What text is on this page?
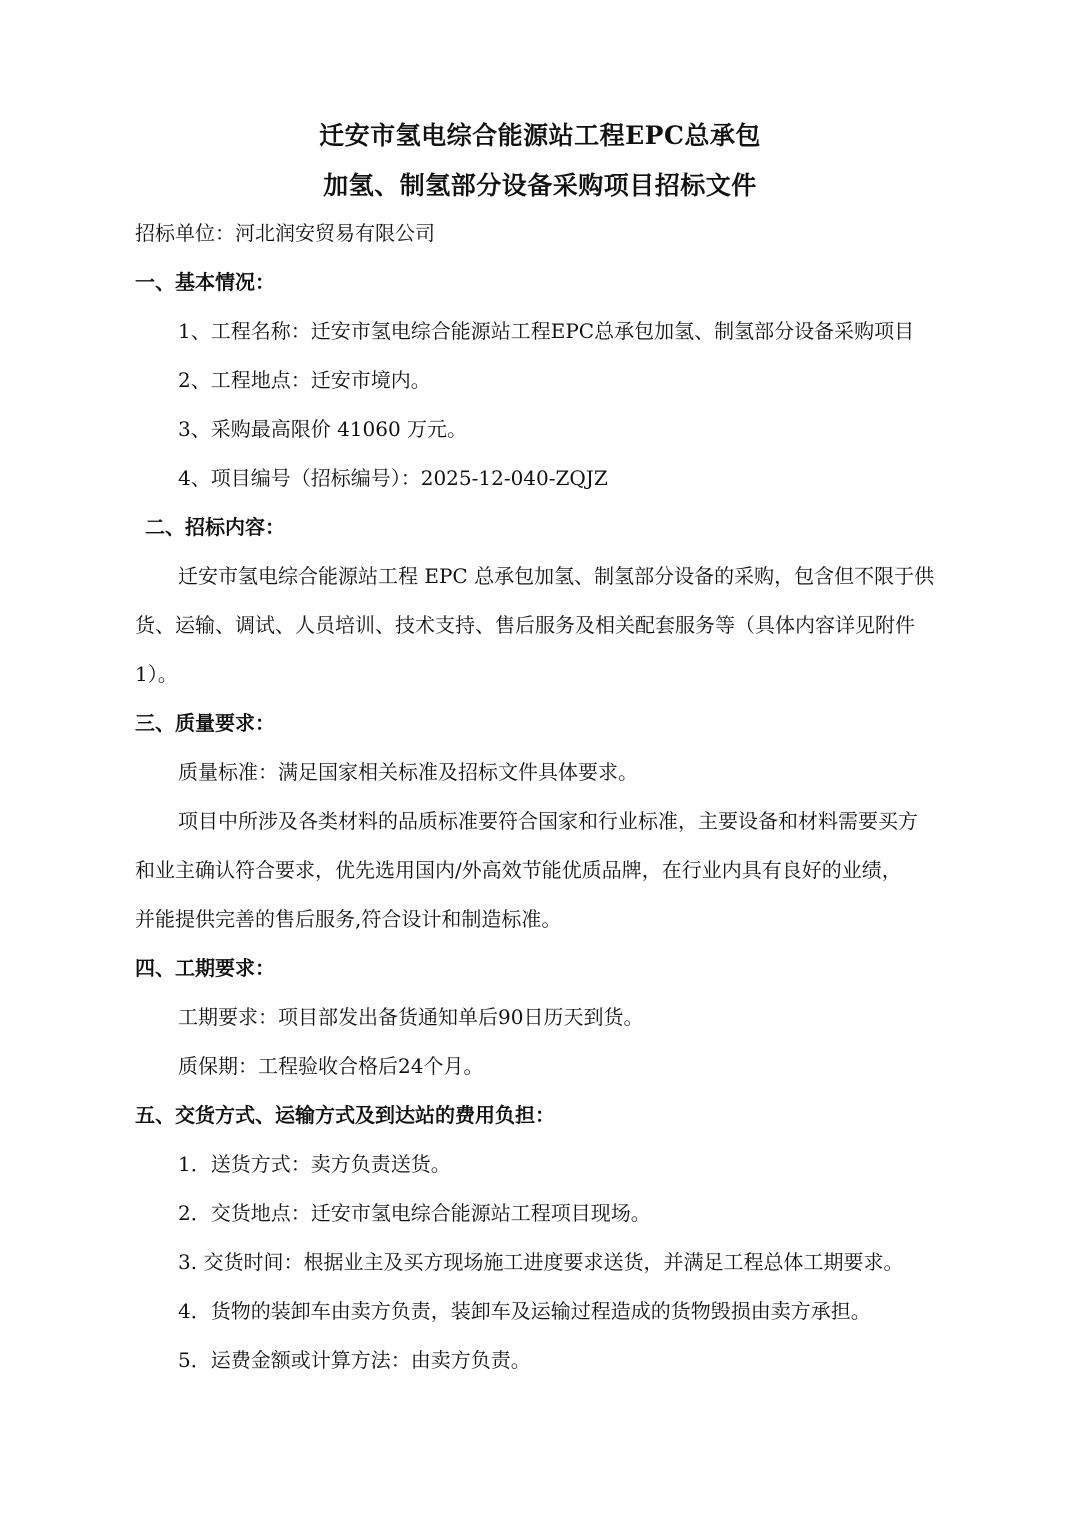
迁安市氢电综合能源站工程EPC总承包
加氢、制氢部分设备采购项目招标文件
招标单位：河北润安贸易有限公司
一、基本情况：
1、工程名称：迁安市氢电综合能源站工程EPC总承包加氢、制氢部分设备采购项目
2、工程地点：迁安市境内。
3、采购最高限价 41060 万元。
4、项目编号（招标编号）：2025-12-040-ZQJZ
二、招标内容：
迁安市氢电综合能源站工程 EPC 总承包加氢、制氢部分设备的采购，包含但不限于供
货、运输、调试、人员培训、技术支持、售后服务及相关配套服务等（具体内容详见附件
1）。
三、质量要求：
质量标准：满足国家相关标准及招标文件具体要求。
项目中所涉及各类材料的品质标准要符合国家和行业标准，主要设备和材料需要买方
和业主确认符合要求，优先选用国内/外高效节能优质品牌，在行业内具有良好的业绩，
并能提供完善的售后服务,符合设计和制造标准。
四、工期要求：
工期要求：项目部发出备货通知单后90日历天到货。
质保期：工程验收合格后24个月。
五、交货方式、运输方式及到达站的费用负担：
1．送货方式：卖方负责送货。
2．交货地点：迁安市氢电综合能源站工程项目现场。
3. 交货时间：根据业主及买方现场施工进度要求送货，并满足工程总体工期要求。
4．货物的装卸车由卖方负责，装卸车及运输过程造成的货物毁损由卖方承担。
5．运费金额或计算方法：由卖方负责。
